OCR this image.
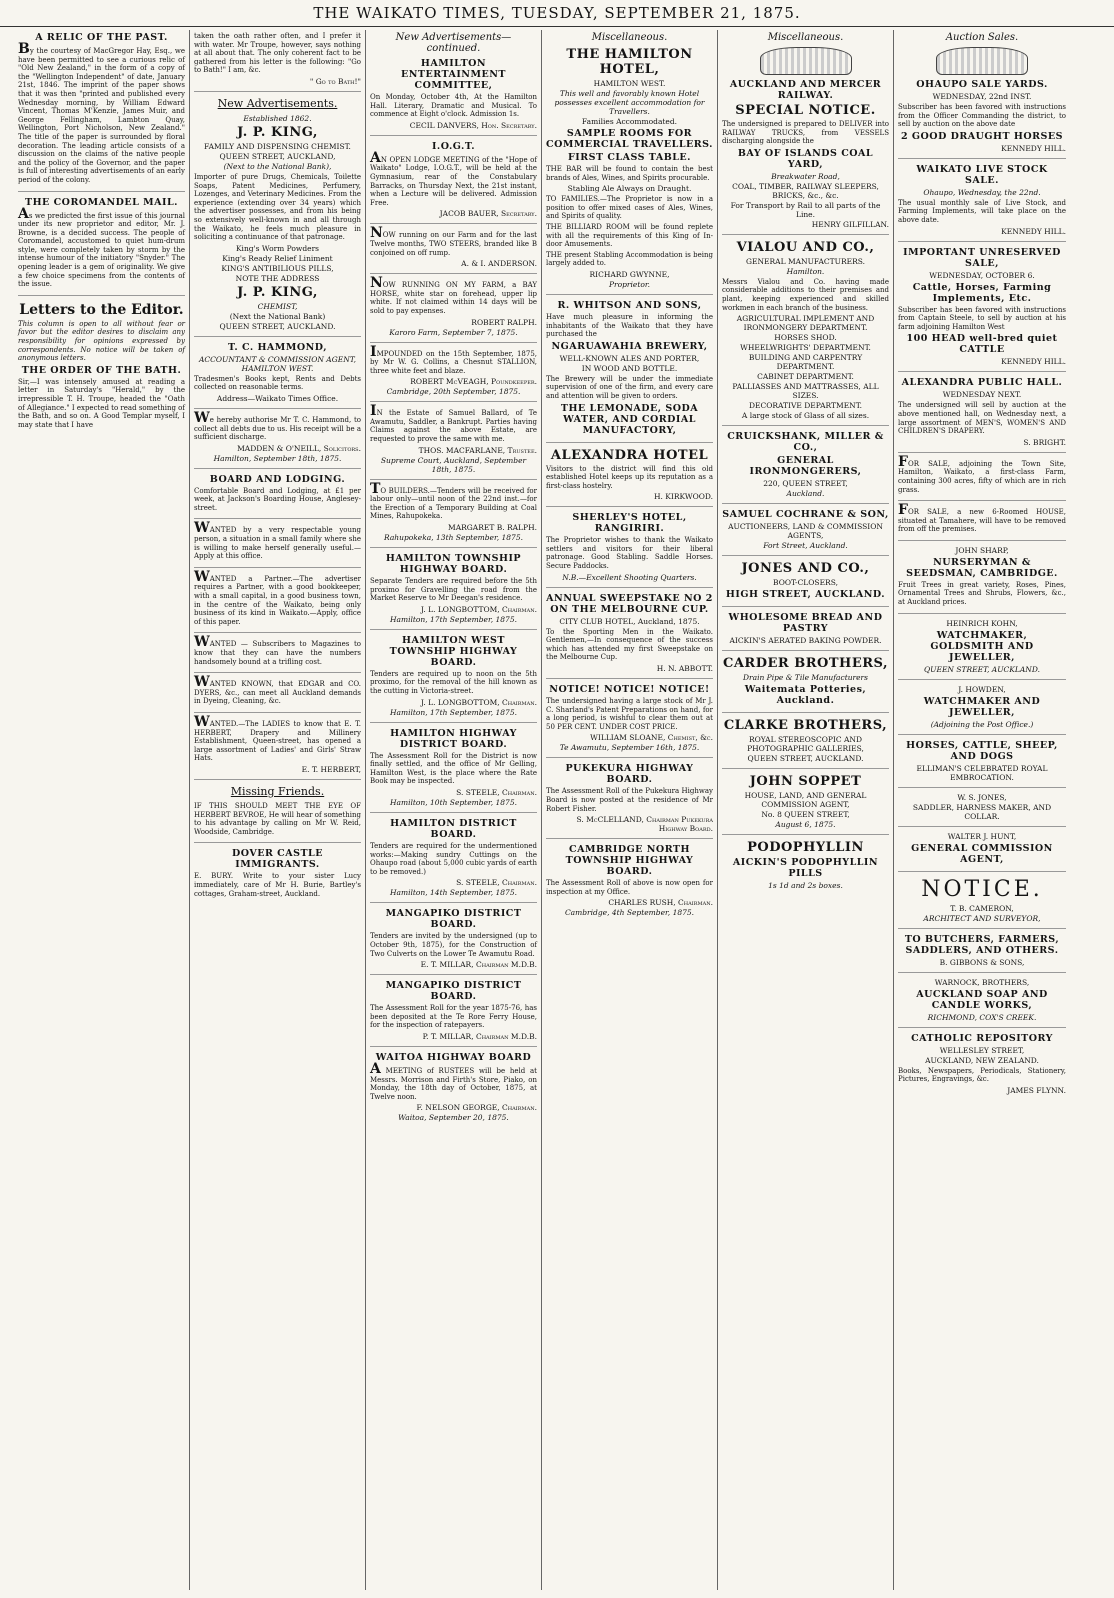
THE WAIKATO TIMES, TUESDAY, SEPTEMBER 21, 1875.
A RELIC OF THE PAST.
By the courtesy of MacGregor Hay, Esq., we have been permitted to see a curious relic of "Old New Zealand," in the form of a copy of the "Wellington Independent" of date, January 21st, 1846. The imprint of the paper shows that it was then "printed and published every Wednesday morning, by William Edward Vincent, Thomas M'Kenzie, James Muir, and George Fellingham, Lambton Quay, Wellington, Port Nicholson, New Zealand." The title of the paper is surrounded by floral decoration. The leading article consists of a discussion on the claims of the native people and the policy of the Governor, and the paper is full of interesting advertisements of an early period of the colony.
THE COROMANDEL MAIL.
As we predicted the first issue of this journal under its new proprietor and editor, Mr. J. Browne, is a decided success. The people of Coromandel, accustomed to quiet hum-drum style, were completely taken by storm by the intense humour of the initiatory "Snyder." The opening leader is a gem of originality. We give a few choice specimens from the contents of the issue.
Letters to the Editor.
This column is open to all without fear or favor but the editor desires to disclaim any responsibility for opinions expressed by correspondents. No notice will be taken of anonymous letters.
THE ORDER OF THE BATH.
Sir,—I was intensely amused at reading a letter in Saturday's "Herald," by the irrepressible T. H. Troupe, headed the "Oath of Allegiance." I expected to read something of the Bath, and so on. A Good Templar myself, I may state that I have
taken the oath rather often, and I prefer it with water. Mr Troupe, however, says nothing at all about that. The only coherent fact to be gathered from his letter is the following: "Go to Bath!" I am, &c.
" Go to Bath!"
New Advertisements.
Established 1862.
J. P. KING,
FAMILY AND DISPENSING CHEMIST.
QUEEN STREET, AUCKLAND,
(Next to the National Bank),
Importer of pure Drugs, Chemicals, Toilette Soaps, Patent Medicines, Perfumery, Lozenges, and Veterinary Medicines. From the experience (extending over 34 years) which the advertiser possesses, and from his being so extensively well-known in and all through the Waikato, he feels much pleasure in soliciting a continuance of that patronage.
King's Worm Powders
King's Ready Relief Liniment
KING'S ANTIBILIOUS PILLS,
NOTE THE ADDRESS
J. P. KING,
CHEMIST,
(Next the National Bank)
QUEEN STREET, AUCKLAND.
T. C. HAMMOND,
ACCOUNTANT & COMMISSION AGENT, HAMILTON WEST.
Tradesmen's Books kept, Rents and Debts collected on reasonable terms.
Address—Waikato Times Office.
We hereby authorise Mr T. C. Hammond, to collect all debts due to us. His receipt will be a sufficient discharge.
MADDEN & O'NEILL, Solicitors.
Hamilton, September 18th, 1875.
BOARD AND LODGING.
Comfortable Board and Lodging, at £1 per week, at Jackson's Boarding House, Anglesey-street.
WANTED by a very respectable young person, a situation in a small family where she is willing to make herself generally useful.—Apply at this office.
WANTED a Partner.—The advertiser requires a Partner, with a good bookkeeper, with a small capital, in a good business town, in the centre of the Waikato, being only business of its kind in Waikato.—Apply, office of this paper.
WANTED — Subscribers to Magazines to know that they can have the numbers handsomely bound at a trifling cost.
WANTED KNOWN, that EDGAR and CO. DYERS, &c., can meet all Auckland demands in Dyeing, Cleaning, &c.
WANTED.—The LADIES to know that E. T. HERBERT, Drapery and Millinery Establishment, Queen-street, has opened a large assortment of Ladies' and Girls' Straw Hats.
E. T. HERBERT,
Missing Friends.
IF THIS SHOULD MEET THE EYE OF HERBERT BEVROE, He will hear of something to his advantage by calling on Mr W. Reid, Woodside, Cambridge.
DOVER CASTLE IMMIGRANTS.
E. BURY. Write to your sister Lucy immediately, care of Mr H. Burie, Bartley's cottages, Graham-street, Auckland.
New Advertisements—continued.
HAMILTON ENTERTAINMENT COMMITTEE,
On Monday, October 4th, At the Hamilton Hall. Literary, Dramatic and Musical. To commence at Eight o'clock. Admission 1s.
CECIL DANVERS, Hon. Secretary.
I.O.G.T.
AN OPEN LODGE MEETING of the "Hope of Waikato" Lodge, I.O.G.T., will be held at the Gymnasium, rear of the Constabulary Barracks, on Thursday Next, the 21st instant, when a Lecture will be delivered. Admission Free.
JACOB BAUER, Secretary.
NOW running on our Farm and for the last Twelve months, TWO STEERS, branded like B conjoined on off rump.
A. & I. ANDERSON.
NOW RUNNING ON MY FARM, a BAY HORSE, white star on forehead, upper lip white. If not claimed within 14 days will be sold to pay expenses.
ROBERT RALPH.
Karoro Farm, September 7, 1875.
IMPOUNDED on the 15th September, 1875, by Mr W. G. Collins, a Chesnut STALLION, three white feet and blaze.
ROBERT McVEAGH, Poundkeeper.
Cambridge, 20th September, 1875.
IN the Estate of Samuel Ballard, of Te Awamutu, Saddler, a Bankrupt. Parties having Claims against the above Estate, are requested to prove the same with me.
THOS. MACFARLANE, Trustee.
Supreme Court, Auckland, September 18th, 1875.
TO BUILDERS.—Tenders will be received for labour only—until noon of the 22nd inst.—for the Erection of a Temporary Building at Coal Mines, Rahupokeka.
MARGARET B. RALPH.
Rahupokeka, 13th September, 1875.
HAMILTON TOWNSHIP HIGHWAY BOARD.
Separate Tenders are required before the 5th proximo for Gravelling the road from the Market Reserve to Mr Deegan's residence.
J. L. LONGBOTTOM, Chairman.
Hamilton, 17th September, 1875.
HAMILTON WEST TOWNSHIP HIGHWAY BOARD.
Tenders are required up to noon on the 5th proximo, for the removal of the hill known as the cutting in Victoria-street.
J. L. LONGBOTTOM, Chairman.
Hamilton, 17th September, 1875.
HAMILTON HIGHWAY DISTRICT BOARD.
The Assessment Roll for the District is now finally settled, and the office of Mr Gelling, Hamilton West, is the place where the Rate Book may be inspected.
S. STEELE, Chairman.
Hamilton, 10th September, 1875.
HAMILTON DISTRICT BOARD.
Tenders are required for the undermentioned works:—Making sundry Cuttings on the Ohaupo road (about 5,000 cubic yards of earth to be removed.)
S. STEELE, Chairman.
Hamilton, 14th September, 1875.
MANGAPIKO DISTRICT BOARD.
Tenders are invited by the undersigned (up to October 9th, 1875), for the Construction of Two Culverts on the Lower Te Awamutu Road.
E. T. MILLAR, Chairman M.D.B.
MANGAPIKO DISTRICT BOARD.
The Assessment Roll for the year 1875-76, has been deposited at the Te Rore Ferry House, for the inspection of ratepayers.
P. T. MILLAR, Chairman M.D.B.
WAITOA HIGHWAY BOARD
A MEETING of RUSTEES will be held at Messrs. Morrison and Firth's Store, Piako, on Monday, the 18th day of October, 1875, at Twelve noon.
F. NELSON GEORGE, Chairman.
Waitoa, September 20, 1875.
Miscellaneous.
THE HAMILTON HOTEL,
HAMILTON WEST.
This well and favorably known Hotel possesses excellent accommodation for Travellers.
Families Accommodated.
SAMPLE ROOMS FOR COMMERCIAL TRAVELLERS.
FIRST CLASS TABLE.
THE BAR will be found to contain the best brands of Ales, Wines, and Spirits procurable.
Stabling Ale Always on Draught.
TO FAMILIES.—The Proprietor is now in a position to offer mixed cases of Ales, Wines, and Spirits of quality.
THE BILLIARD ROOM will be found replete with all the requirements of this King of In-door Amusements.
THE present Stabling Accommodation is being largely added to.
RICHARD GWYNNE,
Proprietor.
R. WHITSON AND SONS,
Have much pleasure in informing the inhabitants of the Waikato that they have purchased the
NGARUAWAHIA BREWERY,
WELL-KNOWN ALES AND PORTER,
IN WOOD AND BOTTLE.
The Brewery will be under the immediate supervision of one of the firm, and every care and attention will be given to orders.
THE LEMONADE, SODA WATER, AND CORDIAL MANUFACTORY,
ALEXANDRA HOTEL
Visitors to the district will find this old established Hotel keeps up its reputation as a first-class hostelry.
H. KIRKWOOD.
SHERLEY'S HOTEL, RANGIRIRI.
The Proprietor wishes to thank the Waikato settlers and visitors for their liberal patronage. Good Stabling. Saddle Horses. Secure Paddocks.
N.B.—Excellent Shooting Quarters.
ANNUAL SWEEPSTAKE NO 2 ON THE MELBOURNE CUP.
CITY CLUB HOTEL, Auckland, 1875.
To the Sporting Men in the Waikato. Gentlemen,—In consequence of the success which has attended my first Sweepstake on the Melbourne Cup.
H. N. ABBOTT.
NOTICE! NOTICE! NOTICE!
The undersigned having a large stock of Mr J. C. Sharland's Patent Preparations on hand, for a long period, is wishful to clear them out at 50 PER CENT. UNDER COST PRICE.
WILLIAM SLOANE, Chemist, &c.
Te Awamutu, September 16th, 1875.
PUKEKURA HIGHWAY BOARD.
The Assessment Roll of the Pukekura Highway Board is now posted at the residence of Mr Robert Fisher.
S. McCLELLAND, Chairman Pukekura Highway Board.
CAMBRIDGE NORTH TOWNSHIP HIGHWAY BOARD.
The Assessment Roll of above is now open for inspection at my Office.
CHARLES RUSH, Chairman.
Cambridge, 4th September, 1875.
Miscellaneous.
AUCKLAND AND MERCER RAILWAY.
SPECIAL NOTICE.
The undersigned is prepared to DELIVER into RAILWAY TRUCKS, from VESSELS discharging alongside the
BAY OF ISLANDS COAL YARD,
Breakwater Road,
COAL, TIMBER, RAILWAY SLEEPERS, BRICKS, &c., &c.
For Transport by Rail to all parts of the Line.
HENRY GILFILLAN.
VIALOU AND CO.,
GENERAL MANUFACTURERS.
Hamilton.
Messrs Vialou and Co. having made considerable additions to their premises and plant, keeping experienced and skilled workmen in each branch of the business.
AGRICULTURAL IMPLEMENT AND IRONMONGERY DEPARTMENT.
HORSES SHOD.
WHEELWRIGHTS' DEPARTMENT.
BUILDING AND CARPENTRY DEPARTMENT.
CABINET DEPARTMENT.
PALLIASSES AND MATTRASSES, ALL SIZES.
DECORATIVE DEPARTMENT.
A large stock of Glass of all sizes.
CRUICKSHANK, MILLER & CO.,
GENERAL IRONMONGERERS,
220, QUEEN STREET,
Auckland.
SAMUEL COCHRANE & SON,
AUCTIONEERS, LAND & COMMISSION AGENTS,
Fort Street, Auckland.
JONES AND CO.,
BOOT-CLOSERS,
HIGH STREET, AUCKLAND.
WHOLESOME BREAD AND PASTRY
AICKIN'S AERATED BAKING POWDER.
CARDER BROTHERS,
Drain Pipe & Tile Manufacturers
Waitemata Potteries, Auckland.
CLARKE BROTHERS,
ROYAL STEREOSCOPIC AND PHOTOGRAPHIC GALLERIES,
QUEEN STREET, AUCKLAND.
JOHN SOPPET
HOUSE, LAND, AND GENERAL COMMISSION AGENT,
No. 8 QUEEN STREET,
August 6, 1875.
PODOPHYLLIN
AICKIN'S PODOPHYLLIN PILLS
1s 1d and 2s boxes.
Auction Sales.
OHAUPO SALE YARDS.
WEDNESDAY, 22nd INST.
Subscriber has been favored with instructions from the Officer Commanding the district, to sell by auction on the above date
2 GOOD DRAUGHT HORSES
KENNEDY HILL.
WAIKATO LIVE STOCK SALE.
Ohaupo, Wednesday, the 22nd.
The usual monthly sale of Live Stock, and Farming Implements, will take place on the above date.
KENNEDY HILL.
IMPORTANT UNRESERVED SALE,
WEDNESDAY, OCTOBER 6.
Cattle, Horses, Farming Implements, Etc.
Subscriber has been favored with instructions from Captain Steele, to sell by auction at his farm adjoining Hamilton West
100 HEAD well-bred quiet CATTLE
KENNEDY HILL.
ALEXANDRA PUBLIC HALL.
WEDNESDAY NEXT.
The undersigned will sell by auction at the above mentioned hall, on Wednesday next, a large assortment of MEN'S, WOMEN'S AND CHILDREN'S DRAPERY.
S. BRIGHT.
FOR SALE, adjoining the Town Site, Hamilton, Waikato, a first-class Farm, containing 300 acres, fifty of which are in rich grass.
FOR SALE, a new 6-Roomed HOUSE, situated at Tamahere, will have to be removed from off the premises.
JOHN SHARP,
NURSERYMAN & SEEDSMAN, CAMBRIDGE.
Fruit Trees in great variety, Roses, Pines, Ornamental Trees and Shrubs, Flowers, &c., at Auckland prices.
HEINRICH KOHN,
WATCHMAKER, GOLDSMITH AND JEWELLER,
QUEEN STREET, AUCKLAND.
J. HOWDEN,
WATCHMAKER AND JEWELLER,
(Adjoining the Post Office.)
HORSES, CATTLE, SHEEP, AND DOGS
ELLIMAN'S CELEBRATED ROYAL EMBROCATION.
W. S. JONES,
SADDLER, HARNESS MAKER, AND COLLAR.
WALTER J. HUNT,
GENERAL COMMISSION AGENT,
NOTICE.
T. B. CAMERON,
ARCHITECT AND SURVEYOR,
TO BUTCHERS, FARMERS, SADDLERS, AND OTHERS.
B. GIBBONS & SONS,
WARNOCK, BROTHERS,
AUCKLAND SOAP AND CANDLE WORKS,
RICHMOND, COX'S CREEK.
CATHOLIC REPOSITORY
WELLESLEY STREET,
AUCKLAND, NEW ZEALAND.
Books, Newspapers, Periodicals, Stationery, Pictures, Engravings, &c.
JAMES FLYNN.
